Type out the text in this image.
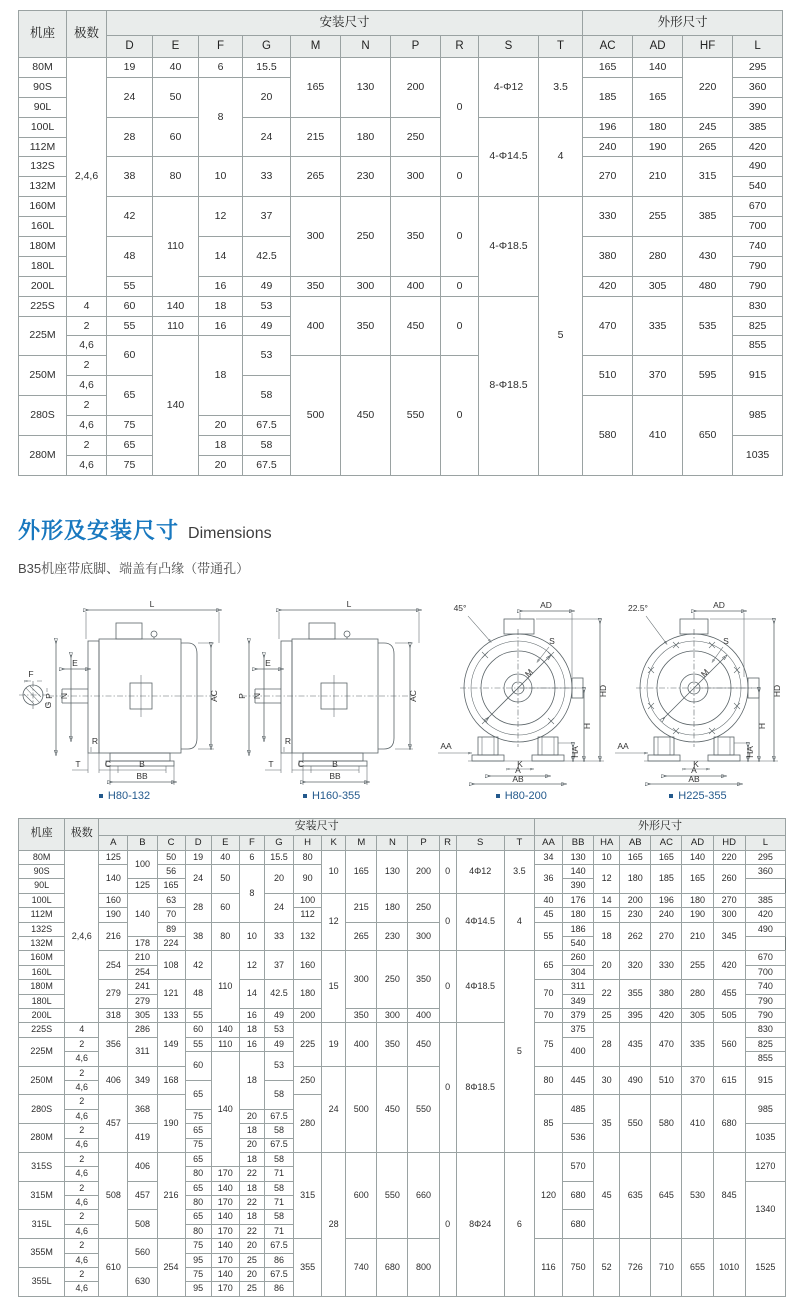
机座	极数	安装尺寸										外形尺寸			
		D	E	F	G	M	N	P	R	S	T	AC	AD	HF	L
80M	2,4,6	19	40	6	15.5	165	130	200	0	4-Φ12	3.5	165	140	220	295
90S		24	50	8	20							185	165		360
90L															390
100L		28	60		24	215	180	250		4-Φ14.5	4	196	180	245	385
112M												240	190	265	420
132S		38	80	10	33	265	230	300	0			270	210	315	490
132M															540
160M		42	110	12	37	300	250	350	0	4-Φ18.5	5	330	255	385	670
160L															700
180M		48		14	42.5							380	280	430	740
180L															790
200L		55		16	49	350	300	400	0			420	305	480	790
225S	4	60	140	18	53	400	350	450	0	8-Φ18.5		470	335	535	830
225M	2	55	110	16	49										825
	4,6	60	140	18	53										855
250M	2					500	450	550	0			510	370	595	915
	4,6	65			58										
280S	2											580	410	650	985
	4,6	75		20	67.5										
280M	2	65		18	58										1035
	4,6	75		20	67.5										
外形及安装尺寸 Dimensions
B35机座带底脚、端盖有凸缘（带通孔）
F
G
L
P N
E
AC
R
T	C	B
BB
H80-132
L
P N
E
AC
R
T	C	B
BB
H160-355
45°	AD
S
M
HD
H
HA
AA
K
A
AB
H80-200
22.5°	AD
S
M
HD
H
HA
AA
K
A
AB
H225-355
机座	极数	安装尺寸															外形尺寸							
		A	B	C	D	E	F	G	H	K	M	N	P	R	S	T	AA	BB	HA	AB	AC	AD	HD	L
80M	2,4,6	125	100	50	19	40	6	15.5	80	10	165	130	200	0	4Φ12	3.5	34	130	10	165	165	140	220	295
90S		140		56	24	50	8	20	90								36	140	12	180	185	165	260	360
90L			125	165														390						
100L		160	140	63	28	60		24	100	12	215	180	250	0	4Φ14.5	4	40	176	14	200	196	180	270	385
112M		190		70					112								45	180	15	230	240	190	300	420
132S		216		89	38	80	10	33	132		265	230	300				55	186	18	262	270	210	345	490
132M			178	224														540						
160M		254	210	108	42	110	12	37	160	15	300	250	350	0	4Φ18.5	5	65	260	20	320	330	255	420	670
160L			254															304						700
180M		279	241	121	48		14	42.5	180								70	311	22	355	380	280	455	740
180L			279															349						790
200L		318	305	133	55		16	49	200		350	300	400				70	379	25	395	420	305	505	790
225S	4	356	286	149	60	140	18	53	225	19	400	350	450	0	8Φ18.5		75	375	28	435	470	335	560	830
225M	2		311		55	110	16	49										400						825
	4,6				60	140	18	53																855
250M	2	406	349	168					250	24	500	450	550				80	445	30	490	510	370	615	915
	4,6				65			58																
280S	2	457	368	190					280								85	485	35	550	580	410	680	985
	4,6				75		20	67.5																
280M	2		419		65		18	58										536						1035
	4,6				75		20	67.5																
315S	2	508	406	216	65		18	58	315	28	600	550	660	0	8Φ24	6	120	570	45	635	645	530	845	1270
	4,6				80	170	22	71																
315M	2		457		65	140	18	58										680						1340
	4,6				80	170	22	71																
315L	2		508		65	140	18	58										680						
	4,6				80	170	22	71																
355M	2	610	560	254	75	140	20	67.5	355		740	680	800				116	750	52	726	710	655	1010	1525
	4,6				95	170	25	86																
355L	2		630		75	140	20	67.5																
	4,6				95	170	25	86																
